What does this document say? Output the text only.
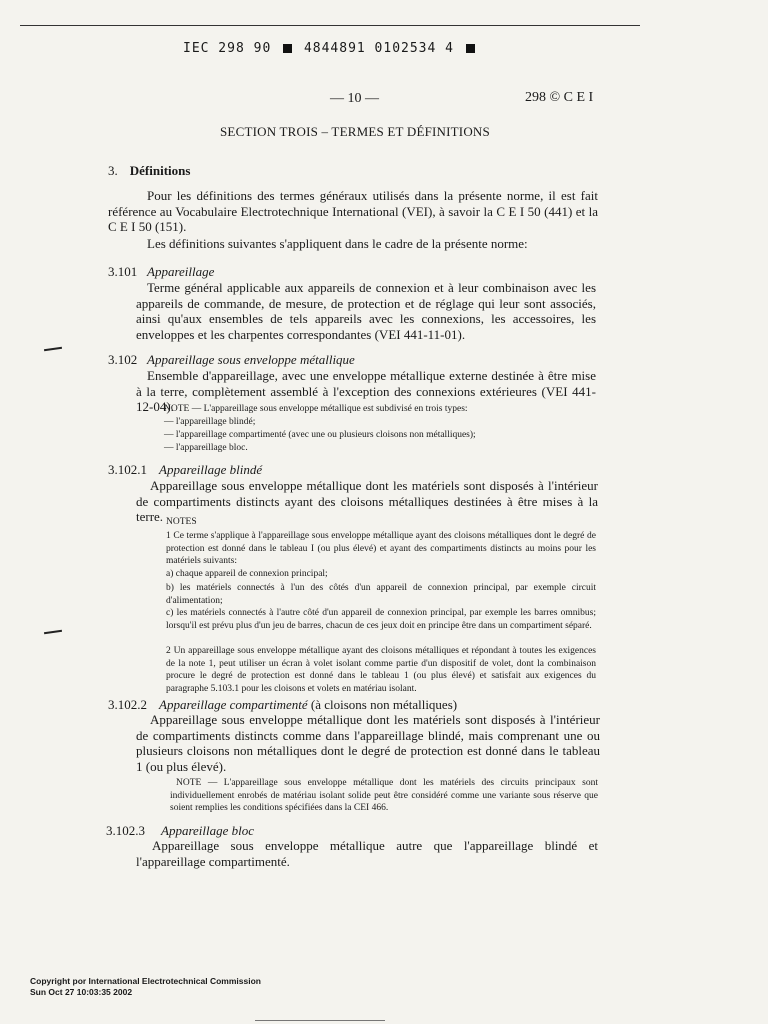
IEC 298 90	4844891 0102534 4
— 10 —	298 © C E I
SECTION TROIS – TERMES ET DÉFINITIONS
3. Définitions
Pour les définitions des termes généraux utilisés dans la présente norme, il est fait référence au Vocabulaire Electrotechnique International (VEI), à savoir la C E I 50 (441) et la C E I 50 (151).
Les définitions suivantes s'appliquent dans le cadre de la présente norme:
3.101 Appareillage
Terme général applicable aux appareils de connexion et à leur combinaison avec les appareils de commande, de mesure, de protection et de réglage qui leur sont associés, ainsi qu'aux ensembles de tels appareils avec les connexions, les accessoires, les enveloppes et les charpentes correspondantes (VEI 441-11-01).
3.102 Appareillage sous enveloppe métallique
Ensemble d'appareillage, avec une enveloppe métallique externe destinée à être mise à la terre, complètement assemblé à l'exception des connexions extérieures (VEI 441-12-04).
NOTE — L'appareillage sous enveloppe métallique est subdivisé en trois types:
— l'appareillage blindé;
— l'appareillage compartimenté (avec une ou plusieurs cloisons non métalliques);
— l'appareillage bloc.
3.102.1 Appareillage blindé
Appareillage sous enveloppe métallique dont les matériels sont disposés à l'intérieur de compartiments distincts ayant des cloisons métalliques destinées à être mises à la terre. NOTES
1 Ce terme s'applique à l'appareillage sous enveloppe métallique ayant des cloisons métalliques dont le degré de protection est donné dans le tableau I (ou plus élevé) et ayant des compartiments distincts au moins pour les matériels suivants:
a) chaque appareil de connexion principal;
b) les matériels connectés à l'un des côtés d'un appareil de connexion principal, par exemple circuit d'alimentation;
c) les matériels connectés à l'autre côté d'un appareil de connexion principal, par exemple les barres omnibus; lorsqu'il est prévu plus d'un jeu de barres, chacun de ces jeux doit en principe être dans un compartiment séparé.
2 Un appareillage sous enveloppe métallique ayant des cloisons métalliques et répondant à toutes les exigences de la note 1, peut utiliser un écran à volet isolant comme partie d'un dispositif de volet, dont la combinaison procure le degré de protection est donné dans le tableau 1 (ou plus élevé) et satisfait aux exigences du paragraphe 5.103.1 pour les cloisons et volets en matériau isolant.
3.102.2 Appareillage compartimenté (à cloisons non métalliques)
Appareillage sous enveloppe métallique dont les matériels sont disposés à l'intérieur de compartiments distincts comme dans l'appareillage blindé, mais comprenant une ou plusieurs cloisons non métalliques dont le degré de protection est donné dans le tableau 1 (ou plus élevé).
NOTE — L'appareillage sous enveloppe métallique dont les matériels des circuits principaux sont individuellement enrobés de matériau isolant solide peut être considéré comme une variante sous réserve que soient remplies les conditions spécifiées dans la CEI 466.
3.102.3 Appareillage bloc
Appareillage sous enveloppe métallique autre que l'appareillage blindé et l'appareillage compartimenté.
Copyright por International Electrotechnical Commission
Sun Oct 27 10:03:35 2002
